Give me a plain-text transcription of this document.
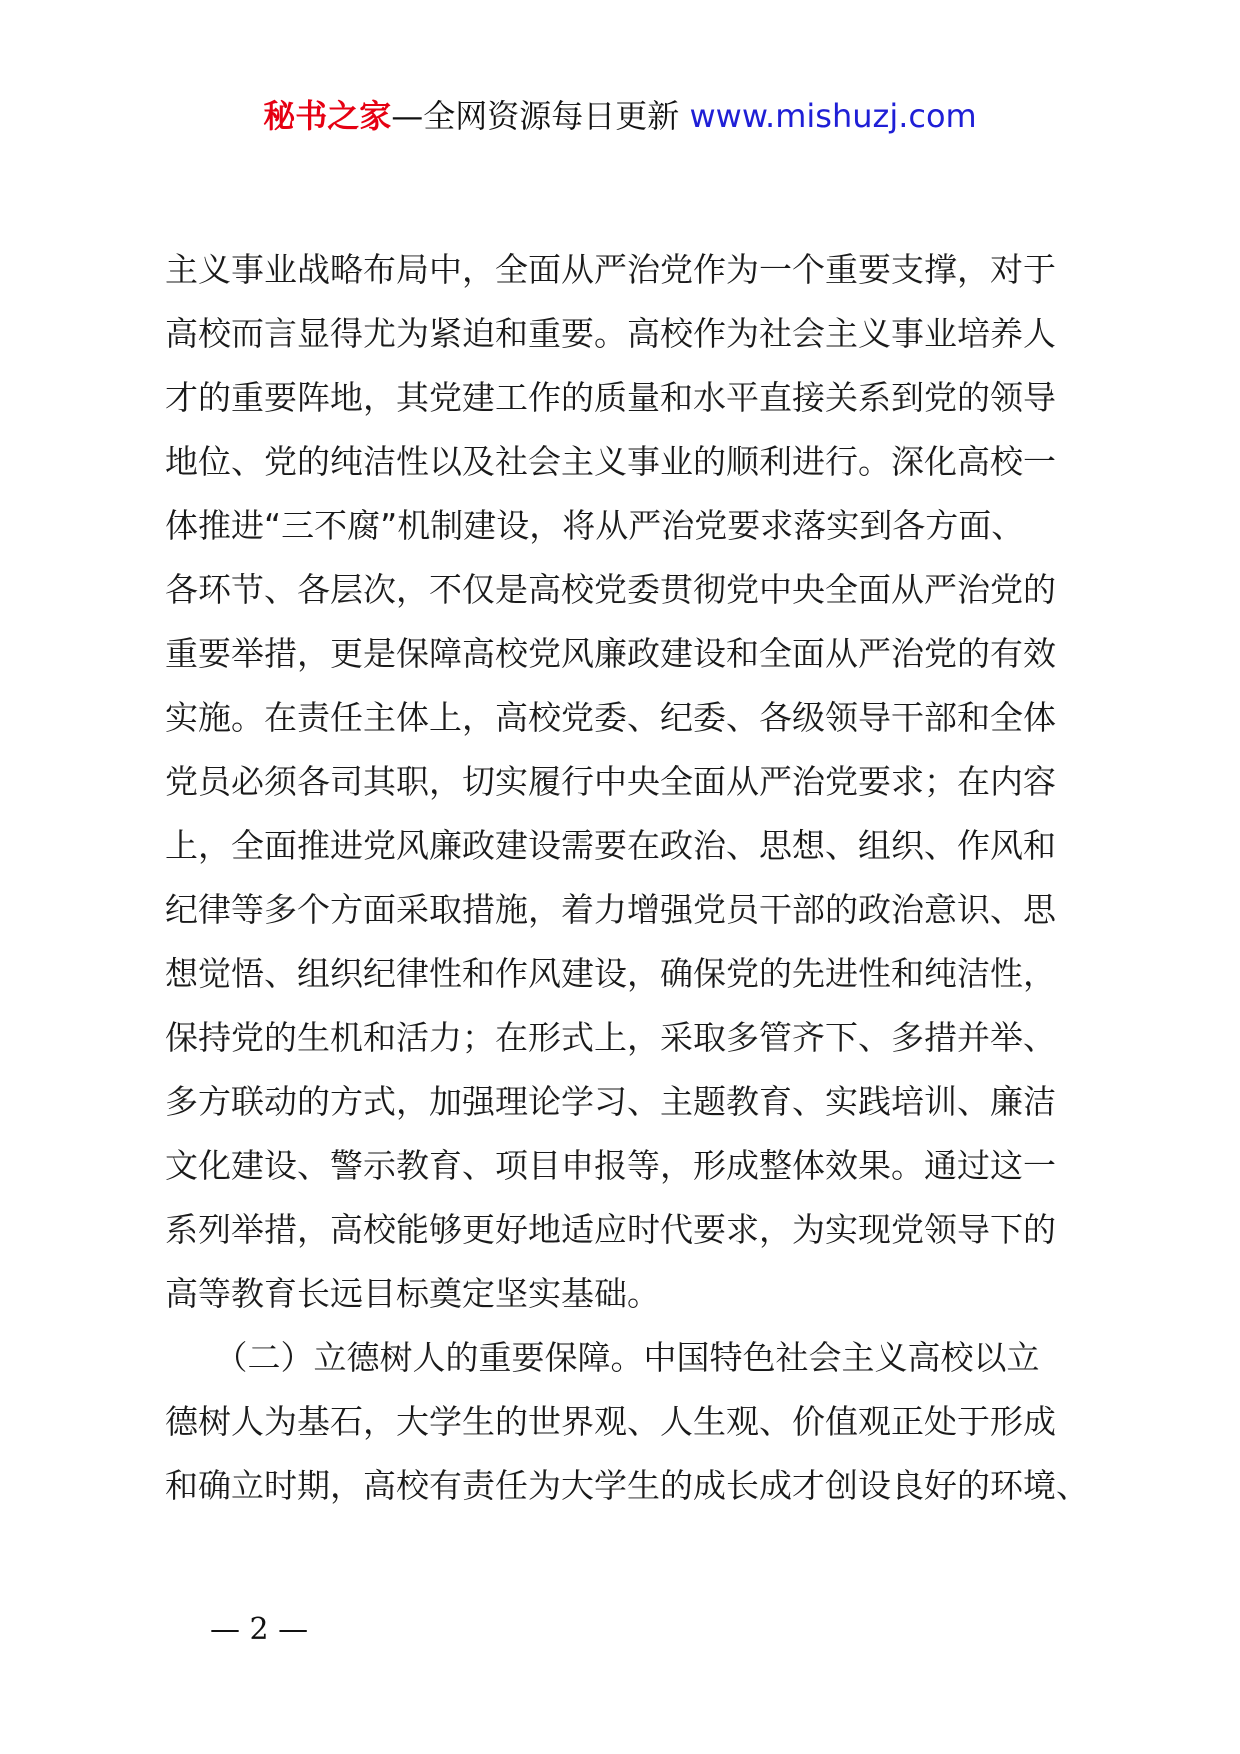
秘书之家—全网资源每日更新 www.mishuzj.com
主义事业战略布局中，全面从严治党作为一个重要支撑，对于
高校而言显得尤为紧迫和重要。高校作为社会主义事业培养人
才的重要阵地，其党建工作的质量和水平直接关系到党的领导
地位、党的纯洁性以及社会主义事业的顺利进行。深化高校一
体推进“三不腐”机制建设，将从严治党要求落实到各方面、
各环节、各层次，不仅是高校党委贯彻党中央全面从严治党的
重要举措，更是保障高校党风廉政建设和全面从严治党的有效
实施。在责任主体上，高校党委、纪委、各级领导干部和全体
党员必须各司其职，切实履行中央全面从严治党要求；在内容
上，全面推进党风廉政建设需要在政治、思想、组织、作风和
纪律等多个方面采取措施，着力增强党员干部的政治意识、思
想觉悟、组织纪律性和作风建设，确保党的先进性和纯洁性，
保持党的生机和活力；在形式上，采取多管齐下、多措并举、
多方联动的方式，加强理论学习、主题教育、实践培训、廉洁
文化建设、警示教育、项目申报等，形成整体效果。通过这一
系列举措，高校能够更好地适应时代要求，为实现党领导下的
高等教育长远目标奠定坚实基础。
　　（二）立德树人的重要保障。中国特色社会主义高校以立
德树人为基石，大学生的世界观、人生观、价值观正处于形成
和确立时期，高校有责任为大学生的成长成才创设良好的环境、
— 2 —
